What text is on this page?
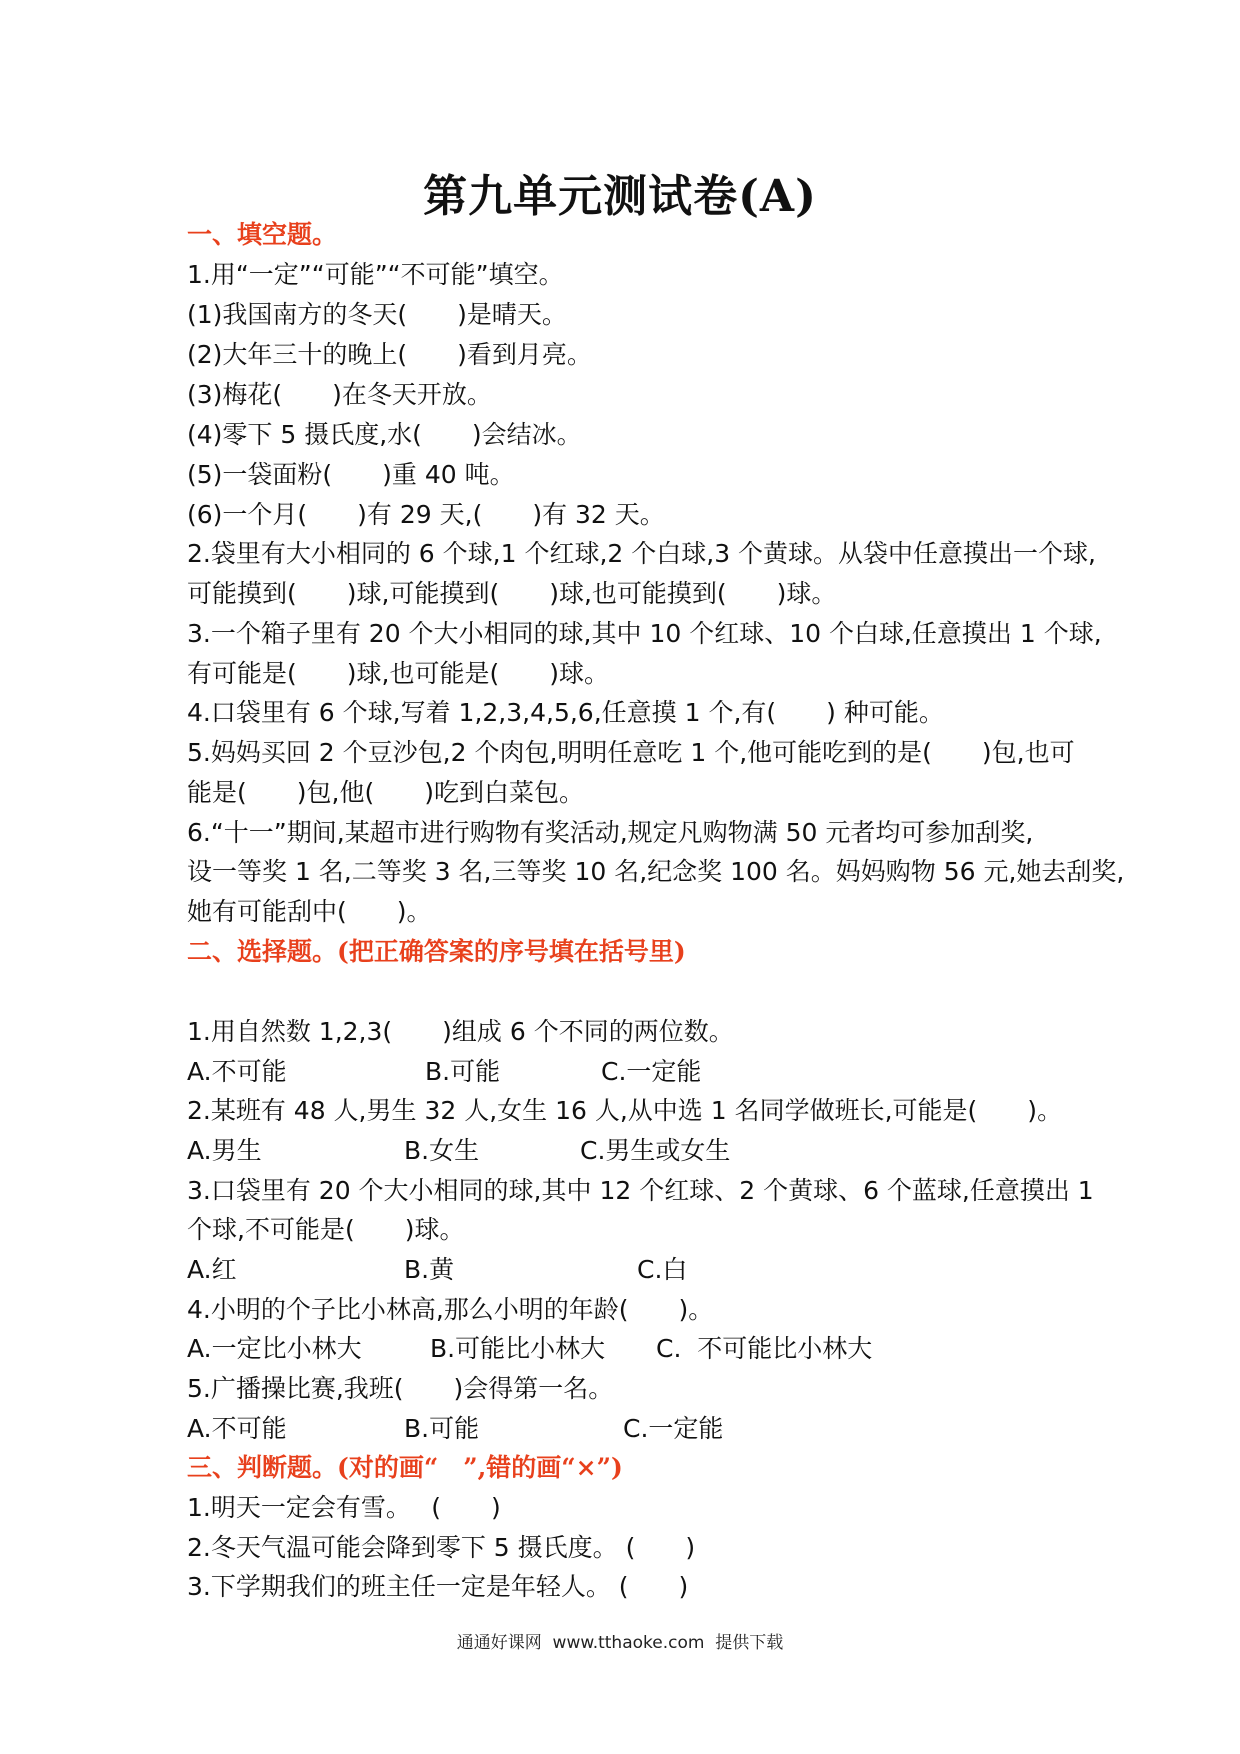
第九单元测试卷(A)
一、填空题。
1.用“一定”“可能”“不可能”填空。
(1)我国南方的冬天(　　)是晴天。
(2)大年三十的晚上(　　)看到月亮。
(3)梅花(　　)在冬天开放。
(4)零下 5 摄氏度,水(　　)会结冰。
(5)一袋面粉(　　)重 40 吨。
(6)一个月(　　)有 29 天,(　　)有 32 天。
2.袋里有大小相同的 6 个球,1 个红球,2 个白球,3 个黄球。从袋中任意摸出一个球,
可能摸到(　　)球,可能摸到(　　)球,也可能摸到(　　)球。
3.一个箱子里有 20 个大小相同的球,其中 10 个红球、10 个白球,任意摸出 1 个球,
有可能是(　　)球,也可能是(　　)球。
4.口袋里有 6 个球,写着 1,2,3,4,5,6,任意摸 1 个,有(　　) 种可能。
5.妈妈买回 2 个豆沙包,2 个肉包,明明任意吃 1 个,他可能吃到的是(　　)包,也可
能是(　　)包,他(　　)吃到白菜包。
6.“十一”期间,某超市进行购物有奖活动,规定凡购物满 50 元者均可参加刮奖,
设一等奖 1 名,二等奖 3 名,三等奖 10 名,纪念奖 100 名。妈妈购物 56 元,她去刮奖,
她有可能刮中(　　)。
二、选择题。(把正确答案的序号填在括号里)
1.用自然数 1,2,3(　　)组成 6 个不同的两位数。
A.不可能	B.可能	C.一定能
2.某班有 48 人,男生 32 人,女生 16 人,从中选 1 名同学做班长,可能是(　　)。
A.男生	B.女生	C.男生或女生
3.口袋里有 20 个大小相同的球,其中 12 个红球、2 个黄球、6 个蓝球,任意摸出 1
个球,不可能是(　　)球。
A.红	B.黄	C.白
4.小明的个子比小林高,那么小明的年龄(　　)。
A.一定比小林大	B.可能比小林大 C.  不可能比小林大
5.广播操比赛,我班(　　)会得第一名。
A.不可能	B.可能	C.一定能
三、判断题。(对的画“　”,错的画“×”)
1.明天一定会有雪。　 (　　)
2.冬天气温可能会降到零下 5 摄氏度。 (　　)
3.下学期我们的班主任一定是年轻人。 (　　)
通通好课网  www.tthaoke.com  提供下载
